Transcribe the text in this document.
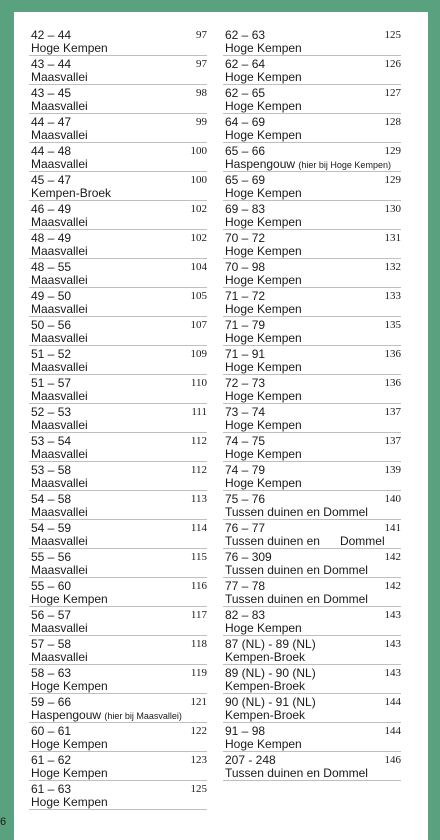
42 – 44	97
Hoge Kempen
43 – 44	97
Maasvallei
43 – 45	98
Maasvallei
44 – 47	99
Maasvallei
44 – 48	100
Maasvallei
45 – 47	100
Kempen-Broek
46 – 49	102
Maasvallei
48 – 49	102
Maasvallei
48 – 55	104
Maasvallei
49 – 50	105
Maasvallei
50 – 56	107
Maasvallei
51 – 52	109
Maasvallei
51 – 57	110
Maasvallei
52 – 53	111
Maasvallei
53 – 54	112
Maasvallei
53 – 58	112
Maasvallei
54 – 58	113
Maasvallei
54 – 59	114
Maasvallei
55 – 56	115
Maasvallei
55 – 60	116
Hoge Kempen
56 – 57	117
Maasvallei
57 – 58	118
Maasvallei
58 – 63	119
Hoge Kempen
59 – 66	121
Haspengouw (hier bij Maasvallei)
60 – 61	122
Hoge Kempen
61 – 62	123
Hoge Kempen
61 – 63	125
Hoge Kempen
62 – 63	125
Hoge Kempen
62 – 64	126
Hoge Kempen
62 – 65	127
Hoge Kempen
64 – 69	128
Hoge Kempen
65 – 66	129
Haspengouw (hier bij Hoge Kempen)
65 – 69	129
Hoge Kempen
69 – 83	130
Hoge Kempen
70 – 72	131
Hoge Kempen
70 – 98	132
Hoge Kempen
71 – 72	133
Hoge Kempen
71 – 79	135
Hoge Kempen
71 – 91	136
Hoge Kempen
72 – 73	136
Hoge Kempen
73 – 74	137
Hoge Kempen
74 – 75	137
Hoge Kempen
74 – 79	139
Hoge Kempen
75 – 76	140
Tussen duinen en Dommel
76 – 77	141
Tussen duinen en      Dommel
76 – 309	142
Tussen duinen en Dommel
77 – 78	142
Tussen duinen en Dommel
82 – 83	143
Hoge Kempen
87 (NL) - 89 (NL)	143
Kempen-Broek
89 (NL) - 90 (NL)	143
Kempen-Broek
90 (NL) - 91 (NL)	144
Kempen-Broek
91 – 98	144
Hoge Kempen
207 - 248	146
Tussen duinen en Dommel
6
